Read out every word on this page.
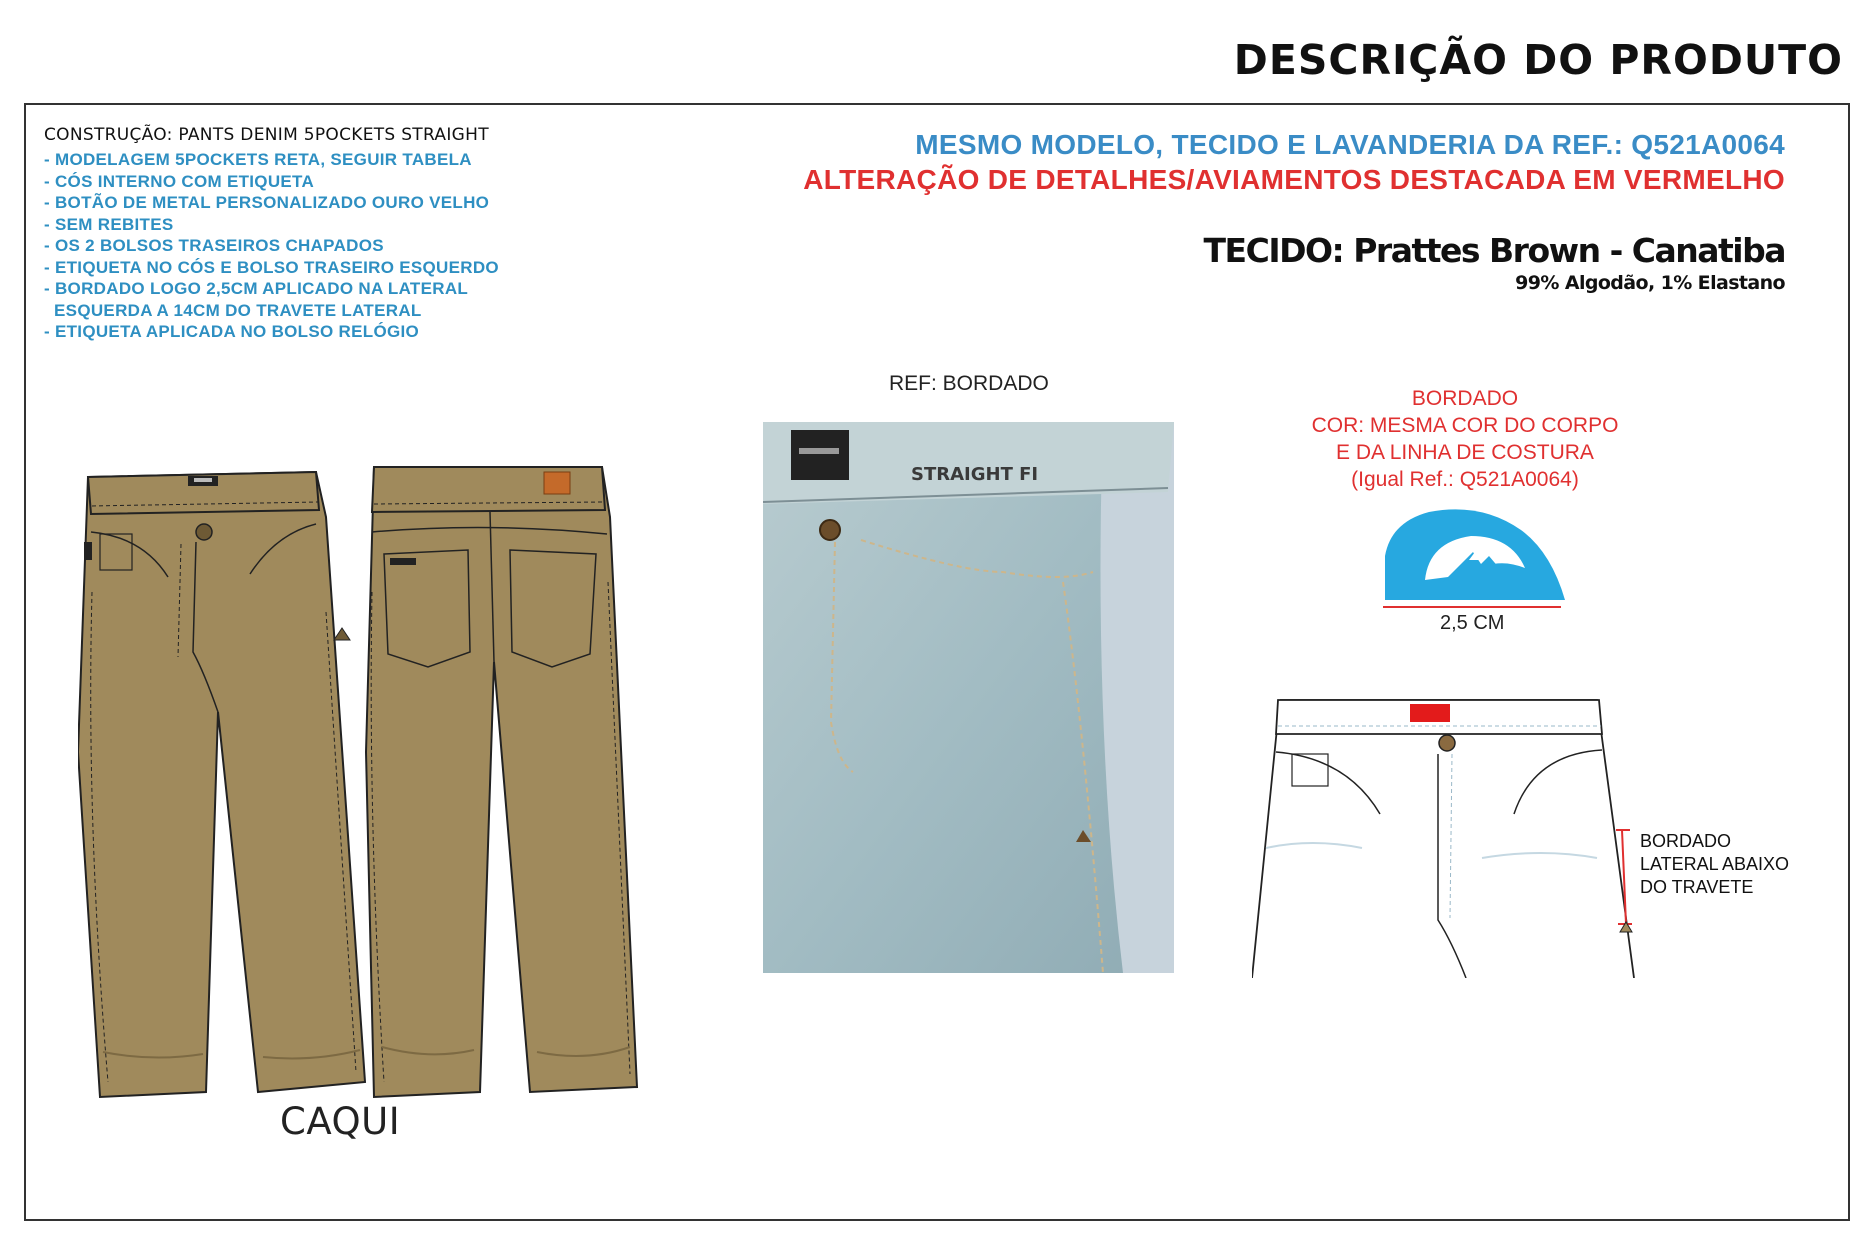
DESCRIÇÃO DO PRODUTO
CONSTRUÇÃO: PANTS DENIM 5POCKETS STRAIGHT
- MODELAGEM 5POCKETS RETA, SEGUIR TABELA
- CÓS INTERNO COM ETIQUETA
- BOTÃO DE METAL PERSONALIZADO OURO VELHO
- SEM REBITES
- OS 2 BOLSOS TRASEIROS CHAPADOS
- ETIQUETA NO CÓS E BOLSO TRASEIRO ESQUERDO
- BORDADO LOGO 2,5CM APLICADO NA LATERAL
ESQUERDA A 14CM DO TRAVETE LATERAL
- ETIQUETA APLICADA NO BOLSO RELÓGIO
MESMO MODELO, TECIDO E LAVANDERIA DA REF.: Q521A0064
ALTERAÇÃO DE DETALHES/AVIAMENTOS DESTACADA EM VERMELHO
TECIDO: Prattes Brown - Canatiba
99% Algodão, 1% Elastano
CAQUI
REF: BORDADO
STRAIGHT FI
BORDADO
COR: MESMA COR DO CORPO
E DA LINHA DE COSTURA
(Igual Ref.: Q521A0064)
2,5 CM
BORDADO
LATERAL ABAIXO
DO TRAVETE
